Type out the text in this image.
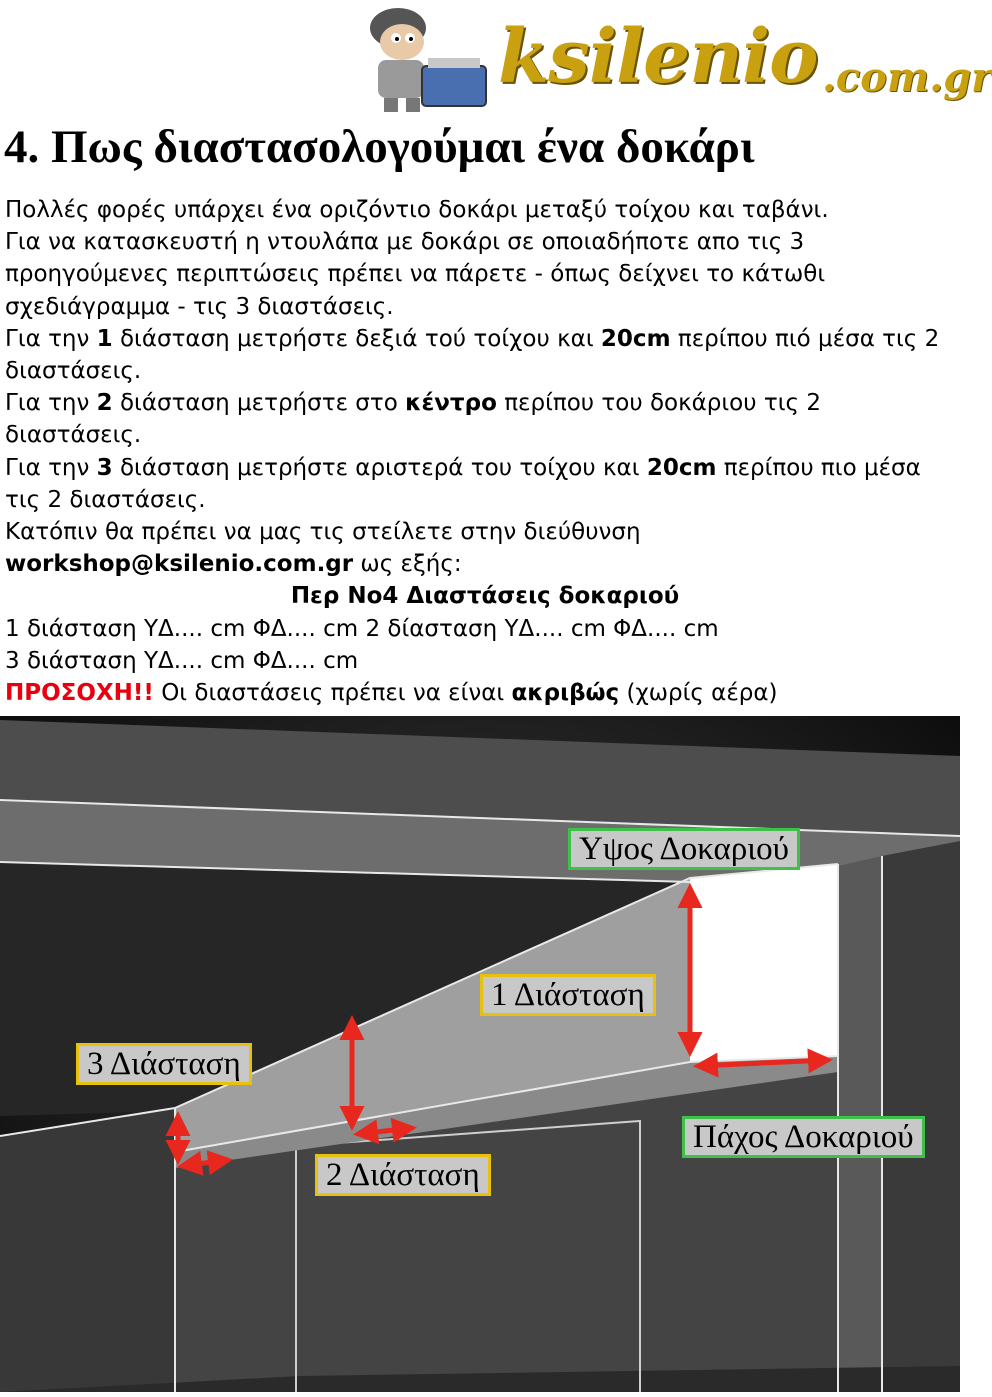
ksilenio .com.gr
4. Πως διαστασολογούμαι ένα δοκάρι

Πολλές φορές υπάρχει ένα οριζόντιο δοκάρι μεταξύ τοίχου και ταβάνι.

Για να κατασκευστή η ντουλάπα με δοκάρι σε οποιαδήποτε απο τις 3

προηγούμενες περιπτώσεις πρέπει να πάρετε - όπως δείχνει το κάτωθι

σχεδιάγραμμα - τις 3 διαστάσεις.

Για την 1 διάσταση μετρήστε δεξιά τού τοίχου και 20cm περίπου πιό μέσα τις 2

διαστάσεις.

Για την 2 διάσταση μετρήστε στο κέντρο περίπου του δοκάριου τις 2

διαστάσεις.

Για την 3 διάσταση μετρήστε αριστερά του τοίχου και 20cm περίπου πιο μέσα

τις 2 διαστάσεις.

Κατόπιν θα πρέπει να μας τις στείλετε στην διεύθυνση

workshop@ksilenio.com.gr ως εξής:

Περ Νο4 Διαστάσεις δοκαριού

1 διάσταση ΥΔ.... cm ΦΔ.... cm 2 δίασταση ΥΔ.... cm ΦΔ.... cm

3 διάσταση ΥΔ.... cm ΦΔ.... cm

ΠΡΟΣΟΧΗ!! Οι διαστάσεις πρέπει να είναι ακριβώς (χωρίς αέρα)

Υψος Δοκαριού
1 Διάσταση
3 Διάσταση
2 Διάσταση
Πάχος Δοκαριού
